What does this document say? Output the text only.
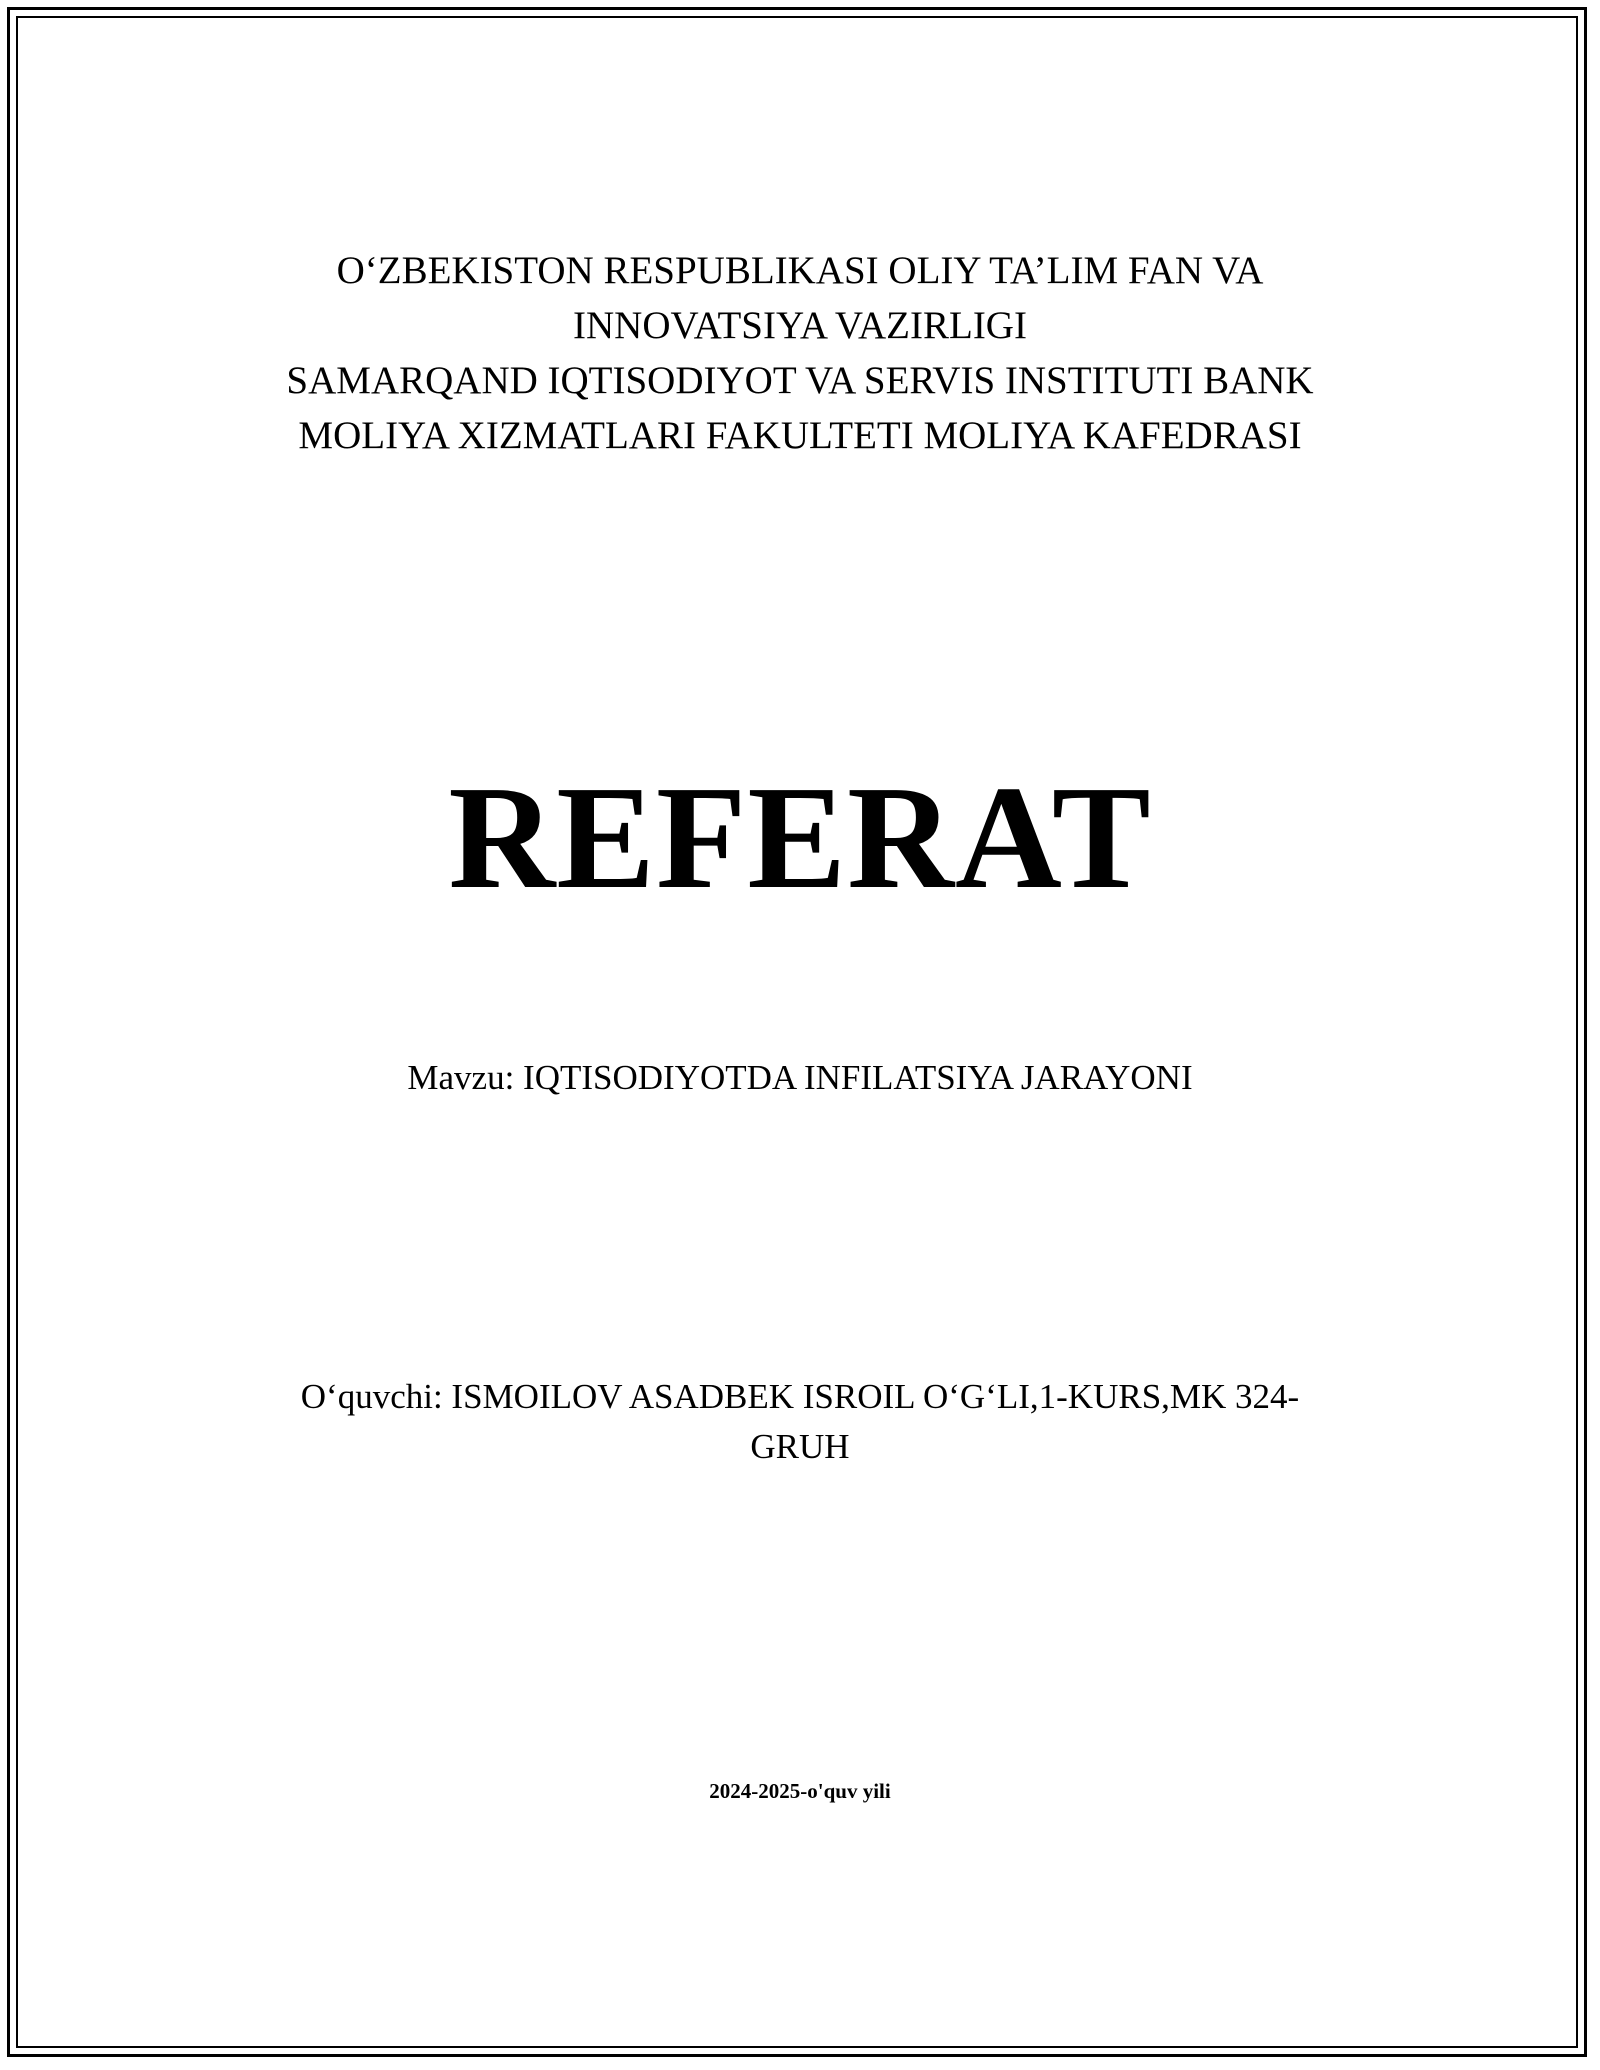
O‘ZBEKISTON RESPUBLIKASI OLIY TA’LIM FAN VA
INNOVATSIYA VAZIRLIGI
SAMARQAND IQTISODIYOT VA SERVIS INSTITUTI BANK
MOLIYA XIZMATLARI FAKULTETI MOLIYA KAFEDRASI
REFERAT
Mavzu: IQTISODIYOTDA INFILATSIYA JARAYONI
O‘quvchi: ISMOILOV ASADBEK ISROIL O‘G‘LI,1-KURS,MK 324-
GRUH
2024-2025-o'quv yili
